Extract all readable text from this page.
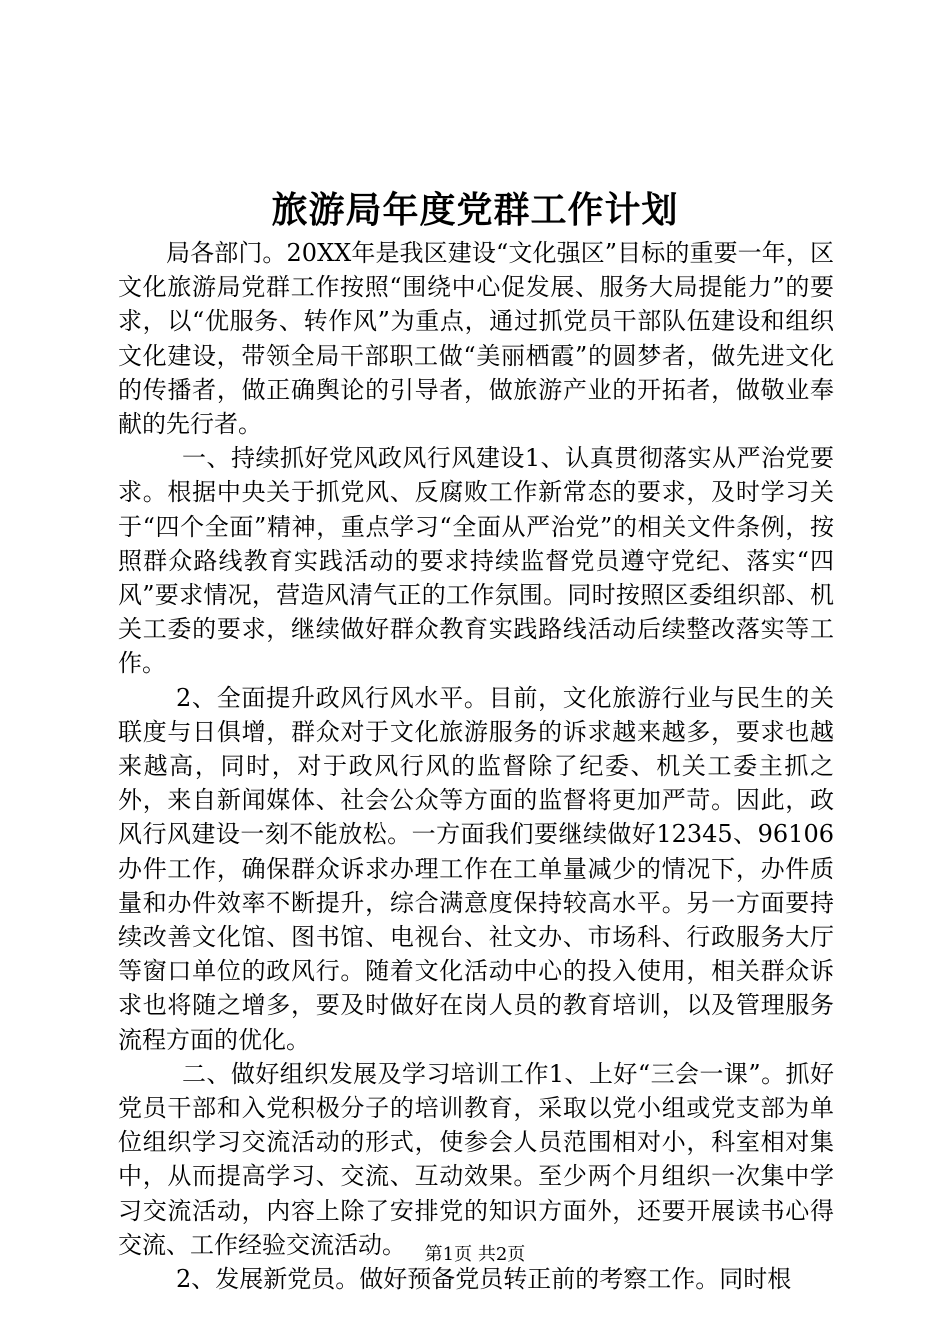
旅游局年度党群工作计划

局各部门。20XX年是我区建设“文化强区”目标的重要一年，区文化旅游局党群工作按照“围绕中心促发展、服务大局提能力”的要求，以“优服务、转作风”为重点，通过抓党员干部队伍建设和组织文化建设，带领全局干部职工做“美丽栖霞”的圆梦者，做先进文化的传播者，做正确舆论的引导者，做旅游产业的开拓者，做敬业奉献的先行者。

一、持续抓好党风政风行风建设1、认真贯彻落实从严治党要求。根据中央关于抓党风、反腐败工作新常态的要求，及时学习关于“四个全面”精神，重点学习“全面从严治党”的相关文件条例，按照群众路线教育实践活动的要求持续监督党员遵守党纪、落实“四风”要求情况，营造风清气正的工作氛围。同时按照区委组织部、机关工委的要求，继续做好群众教育实践路线活动后续整改落实等工作。

2、全面提升政风行风水平。目前，文化旅游行业与民生的关联度与日俱增，群众对于文化旅游服务的诉求越来越多，要求也越来越高，同时，对于政风行风的监督除了纪委、机关工委主抓之外，来自新闻媒体、社会公众等方面的监督将更加严苛。因此，政风行风建设一刻不能放松。一方面我们要继续做好12345、96106办件工作，确保群众诉求办理工作在工单量减少的情况下，办件质量和办件效率不断提升，综合满意度保持较高水平。另一方面要持续改善文化馆、图书馆、电视台、社文办、市场科、行政服务大厅等窗口单位的政风行。随着文化活动中心的投入使用，相关群众诉求也将随之增多，要及时做好在岗人员的教育培训，以及管理服务流程方面的优化。

二、做好组织发展及学习培训工作1、上好“三会一课”。抓好党员干部和入党积极分子的培训教育，采取以党小组或党支部为单位组织学习交流活动的形式，使参会人员范围相对小，科室相对集中，从而提高学习、交流、互动效果。至少两个月组织一次集中学习交流活动，内容上除了安排党的知识方面外，还要开展读书心得交流、工作经验交流活动。

2、发展新党员。做好预备党员转正前的考察工作。同时根

第1页 共2页
